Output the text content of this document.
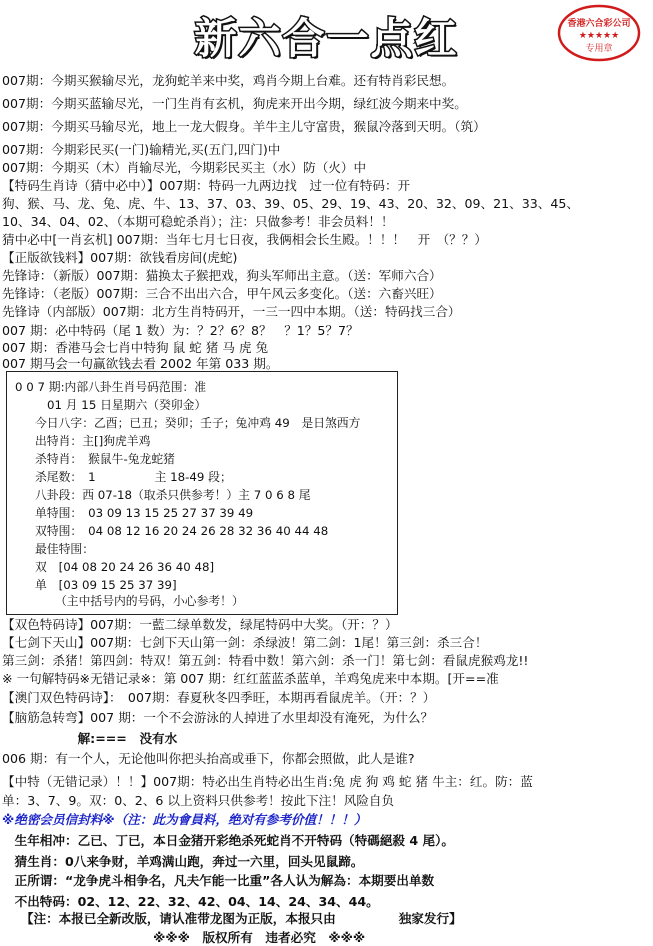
新六合一点红	香港六合彩公司
★★★★★
专用章
007期：今期买猴输尽光，龙狗蛇羊来中奖，鸡肖今期上台难。还有特肖彩民想。
007期：今期买蓝输尽光，一门生肖有玄机，狗虎来开出今期，绿红波今期来中奖。
007期：今期买马输尽光，地上一龙大假身。羊牛主儿守富贵，猴鼠冷落到天明。（筑）
007期：今期彩民买(一门)输精光,买(五门,四门)中
007期：今期买（木）肖输尽光，今期彩民买主（水）防（火）中
【特码生肖诗（猜中必中）】007期：特码一九两边找　过一位有特码：开
狗、猴、马、龙、兔、虎、牛、13、37、03、39、05、29、19、43、20、32、09、21、33、45、
10、34、04、02、（本期可稳蛇杀肖）；注：只做参考！非会员料！！
猜中必中[一肖玄机] 007期：当年七月七日夜，我俩相会长生殿。！！！　开　（？？）
【正版欲钱料】007期：欲钱看房间(虎蛇)
先锋诗：（新版）007期：猫换太子猴把戏，狗头军师出主意。（送：军师六合）
先锋诗：（老版）007期：三合不出出六合，甲午风云多变化。（送：六畜兴旺）
先锋诗（内部版）007期：北方生肖特码开，一三一四中本期。（送：特码找三合）
007 期：必中特码（尾 1 数）为：？2？6？8？　？1？5？7？
007 期：香港马会七肖中特狗 鼠 蛇 猪 马 虎 兔
007 期马会一句赢欲钱去看 2002 年第 033 期。
【双色特码诗】007期：一藍二绿单数发，绿尾特码中大奖。（开：？）
【七剑下天山】007期：七剑下天山第一剑：杀绿波！第二剑：1尾！第三剑：杀三合！
第三剑：杀猪！第四剑：特双！第五剑：特看中数！第六剑：杀一门！第七剑：看鼠虎猴鸡龙!!
※ 一句解特码※无错记录※：第 007 期：红红蓝蓝杀蓝单，羊鸡兔虎来中本期。[开==准
【澳门双色特码诗】：　007期：春夏秋冬四季旺，本期再看鼠虎羊。（开：？）
【脑筋急转弯】007 期：一个不会游泳的人掉进了水里却没有淹死，为什么？
　　　　　　解:===　没有水
006 期：有一个人，无论他叫你把头抬高或垂下，你都会照做，此人是谁?
【中特（无错记录）！！】007期：特必出生肖特必出生肖:兔 虎 狗 鸡 蛇 猪 牛主：红。防：蓝
单：3、7、9。双：0、2、6 以上资料只供参考！按此下注！风险自负
※绝密会员信封料※（注：此为會員料，绝对有参考价值！！！）
　生年相冲：乙已、丁已，本日金猪开彩绝杀死蛇肖不开特码（特碼絕殺 4 尾）。
　猜生肖：0八来争财，羊鸡满山跑，奔过一六里，回头见鼠蹄。
　正所谓：“龙争虎斗相争名，凡夫乍能一比重”各人认为解為：本期要出单数
　不出特码：02、12、22、32、42、04、14、24、34、44。
　　【注：本报已全新改版，请认准带龙图为正版，本报只由　　　　　独家发行】
　　　　　　　　　　　　※※※　版权所有　违者必究　※※※
0 0 7 期:内部八卦生肖号码范围：准
01 月 15 日星期六（癸卯金）
今日八字：乙酉；已丑；癸卯；壬子；兔冲鸡 49　是日煞西方
出特肖：主[]狗虎羊鸡
杀特肖：　猴鼠牛-兔龙蛇猪
杀尾数：　1　　　　　主 18-49 段；
八卦段：西 07-18（取杀只供参考！）主 7 0 6 8 尾
单特围：　03 09 13 15 25 27 37 39 49
双特围：　04 08 12 16 20 24 26 28 32 36 40 44 48
最佳特围：
双　[04 08 20 24 26 36 40 48]
单　[03 09 15 25 37 39]
（主中括号内的号码，小心参考！）
